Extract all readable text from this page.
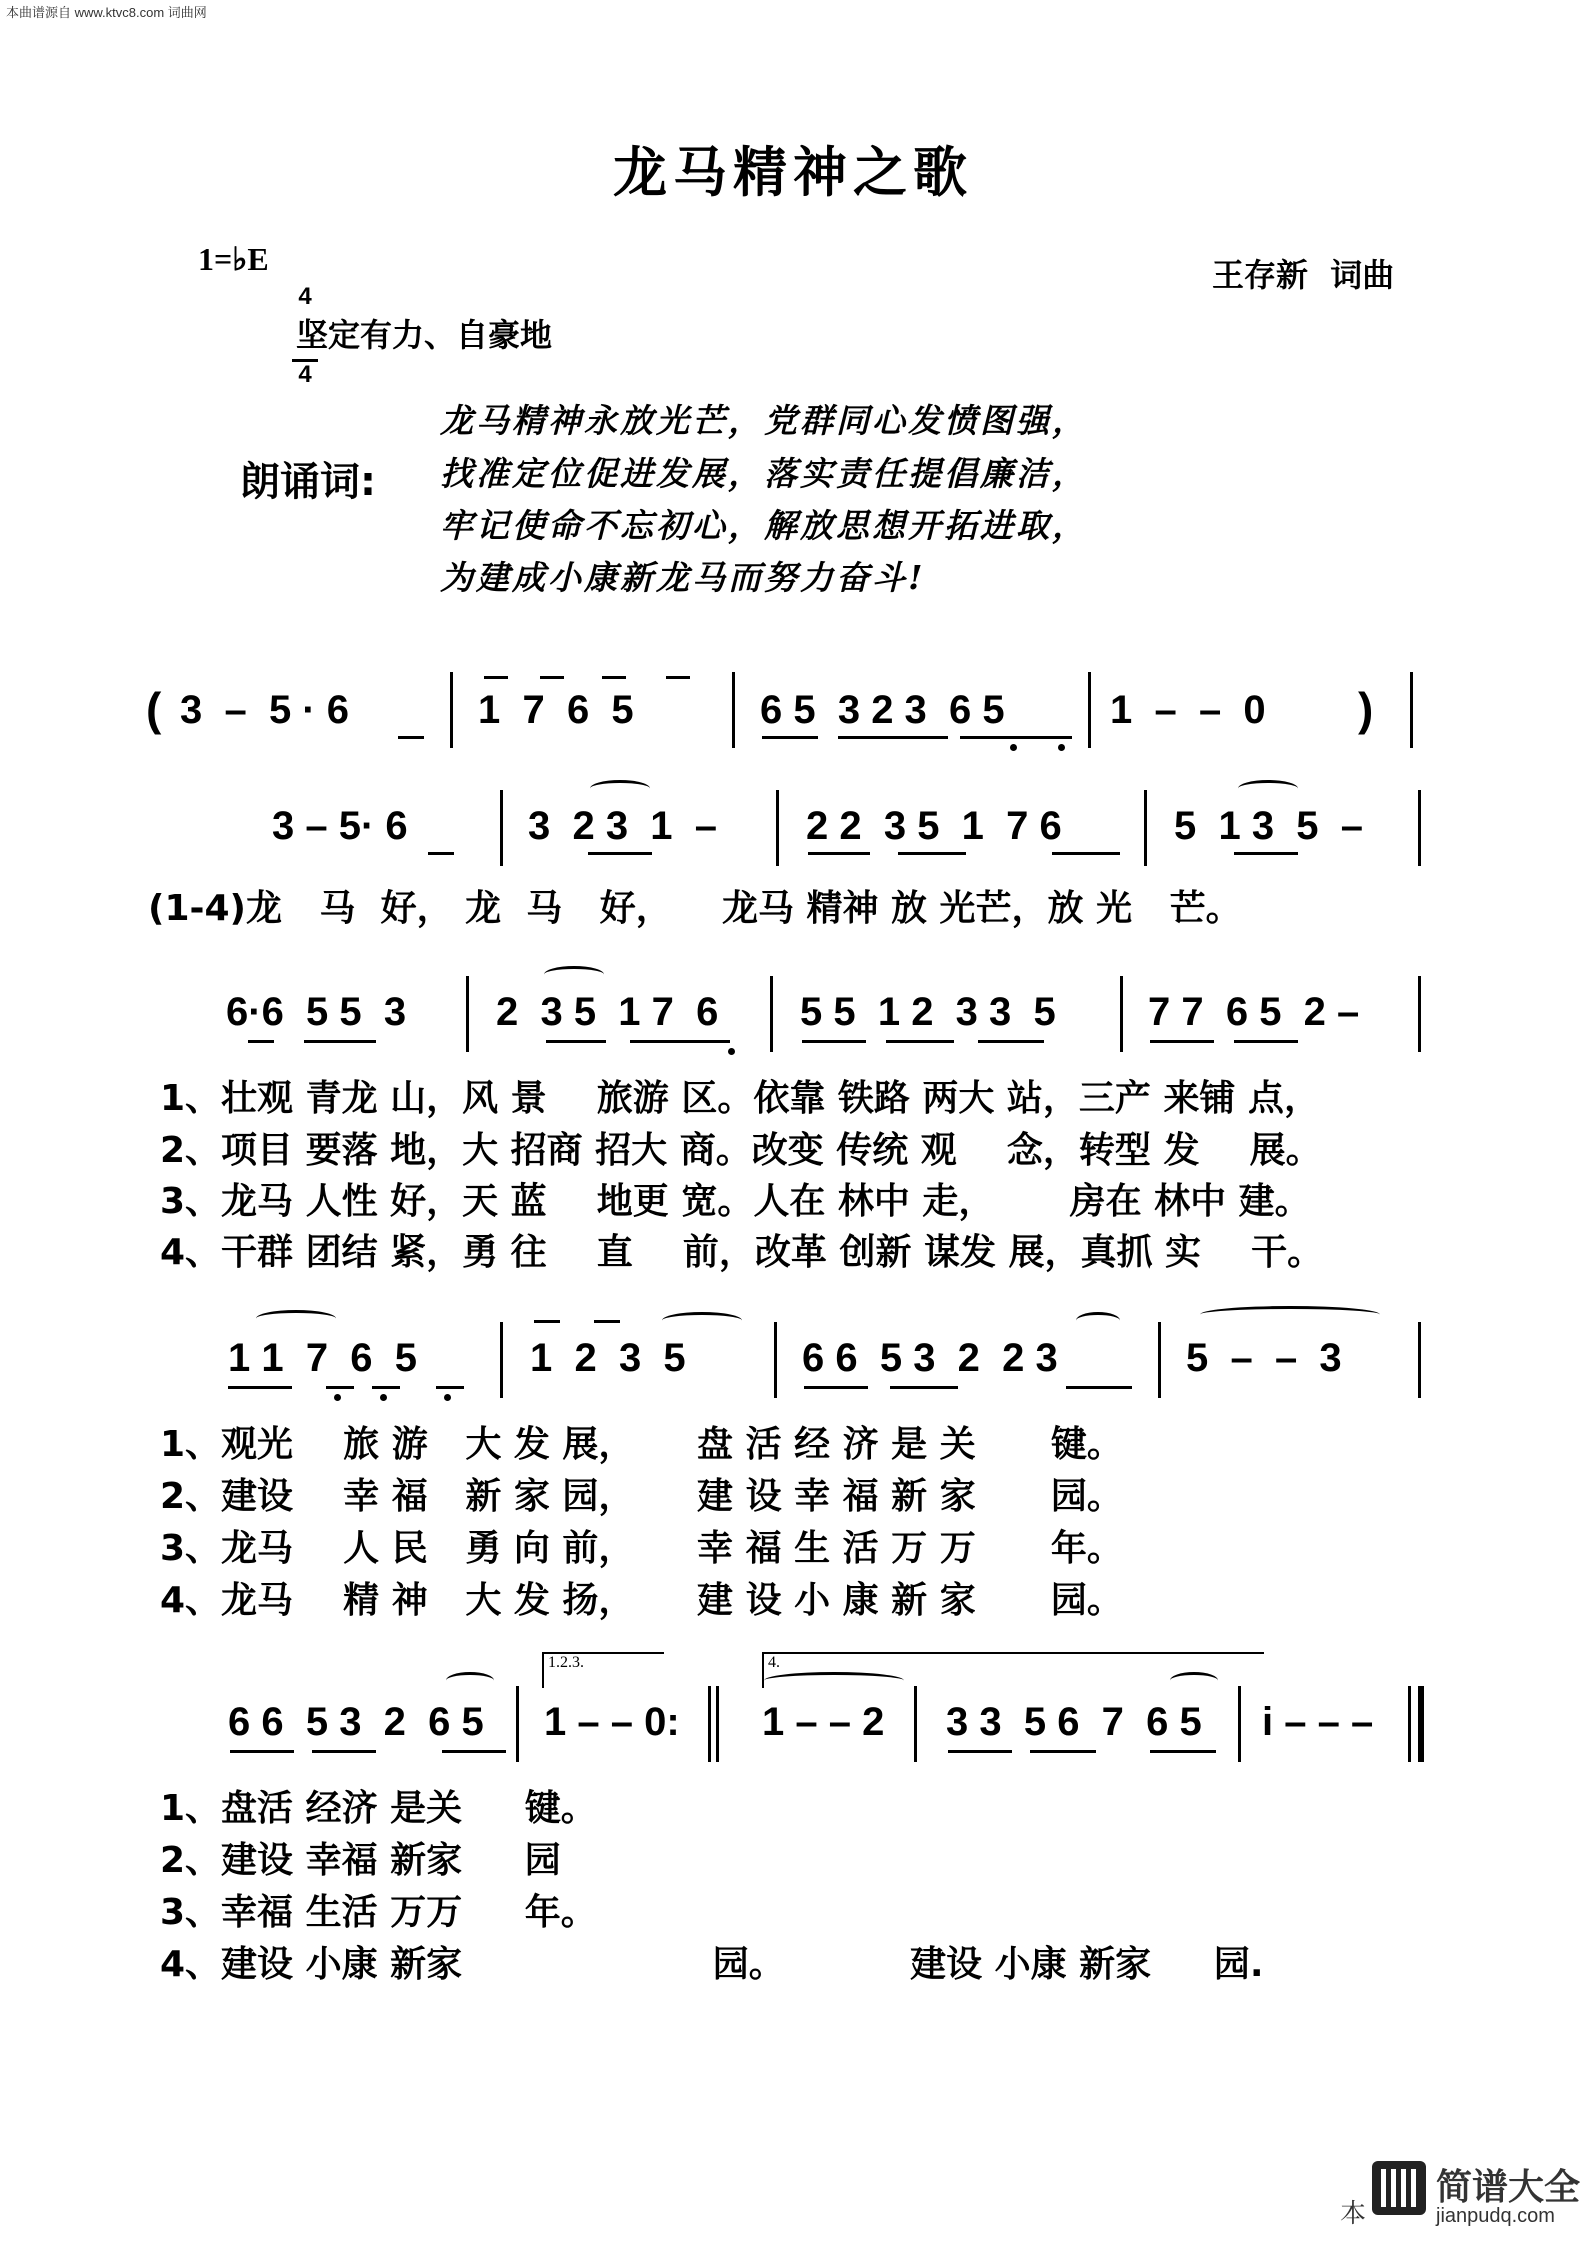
本曲谱源自 www.ktvc8.com 词曲网
龙马精神之歌
1=♭E

4

4

王存新  词曲
坚定有力、自豪地
朗诵词:
龙马精神永放光芒，党群同心发愤图强，
找准定位促进发展，落实责任提倡廉洁，
牢记使命不忘初心，解放思想开拓进取，
为建成小康新龙马而努力奋斗!
(	)
3  –  5 · 6	1  7  6  5	6 5  3 2 3  6 5	1  –  –  0
3 – 5· 6	3  2 3  1  – 2 2  3 5  1  7 6	5  1 3  5  –
(1-4)龙   马  好， 龙  马   好，    龙马 精神 放 光芒，放 光   芒。
6·6  5 5  3 2  3 5  1 7  6 5 5  1 2  3 3  5 7 7  6 5  2 –
1、壮观 青龙 山，风 景    旅游 区。依靠 铁路 两大 站，三产 来铺 点，
2、项目 要落 地，大 招商 招大 商。改变 传统 观    念，转型 发    展。
3、龙马 人性 好，天 蓝    地更 宽。人在 林中 走，      房在 林中 建。
4、干群 团结 紧，勇 往    直    前，改革 创新 谋发 展，真抓 实    干。
1 1  7  6  5	1  2  3  5	6 6  5 3  2  2 3	5  –  –  3
1、观光    旅 游   大 发 展，     盘 活 经 济 是 关      键。
2、建设    幸 福   新 家 园，     建 设 幸 福 新 家      园。
3、龙马    人 民   勇 向 前，     幸 福 生 活 万 万      年。
4、龙马    精 神   大 发 扬，     建 设 小 康 新 家      园。
1.2.3.	4.
6 6  5 3  2  6 5 1 – – 0: 1 – – 2 3 3  5 6  7  6 5 i – – –
1、盘活 经济 是关     键。
2、建设 幸福 新家     园
3、幸福 生活 万万     年。
4、建设 小康 新家                    园。          建设 小康 新家     园.

本

简谱大全

jianpudq.com
